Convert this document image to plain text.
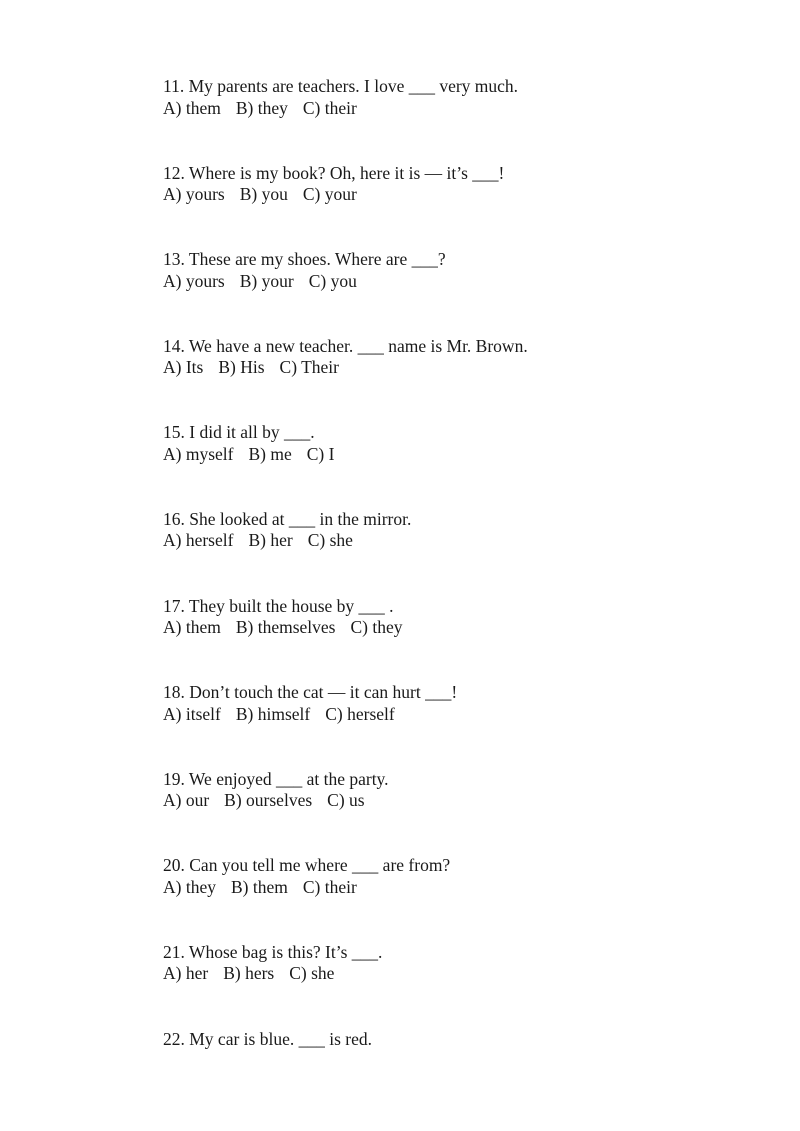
11. My parents are teachers. I love ___ very much.
A) them B) they C) their
12. Where is my book? Oh, here it is — it’s ___!
A) yours B) you C) your
13. These are my shoes. Where are ___?
A) yours B) your C) you
14. We have a new teacher. ___ name is Mr. Brown.
A) Its B) His C) Their
15. I did it all by ___.
A) myself B) me C) I
16. She looked at ___ in the mirror.
A) herself B) her C) she
17. They built the house by ___ .
A) them B) themselves C) they
18. Don’t touch the cat — it can hurt ___!
A) itself B) himself C) herself
19. We enjoyed ___ at the party.
A) our B) ourselves C) us
20. Can you tell me where ___ are from?
A) they B) them C) their
21. Whose bag is this? It’s ___.
A) her B) hers C) she
22. My car is blue. ___ is red.
